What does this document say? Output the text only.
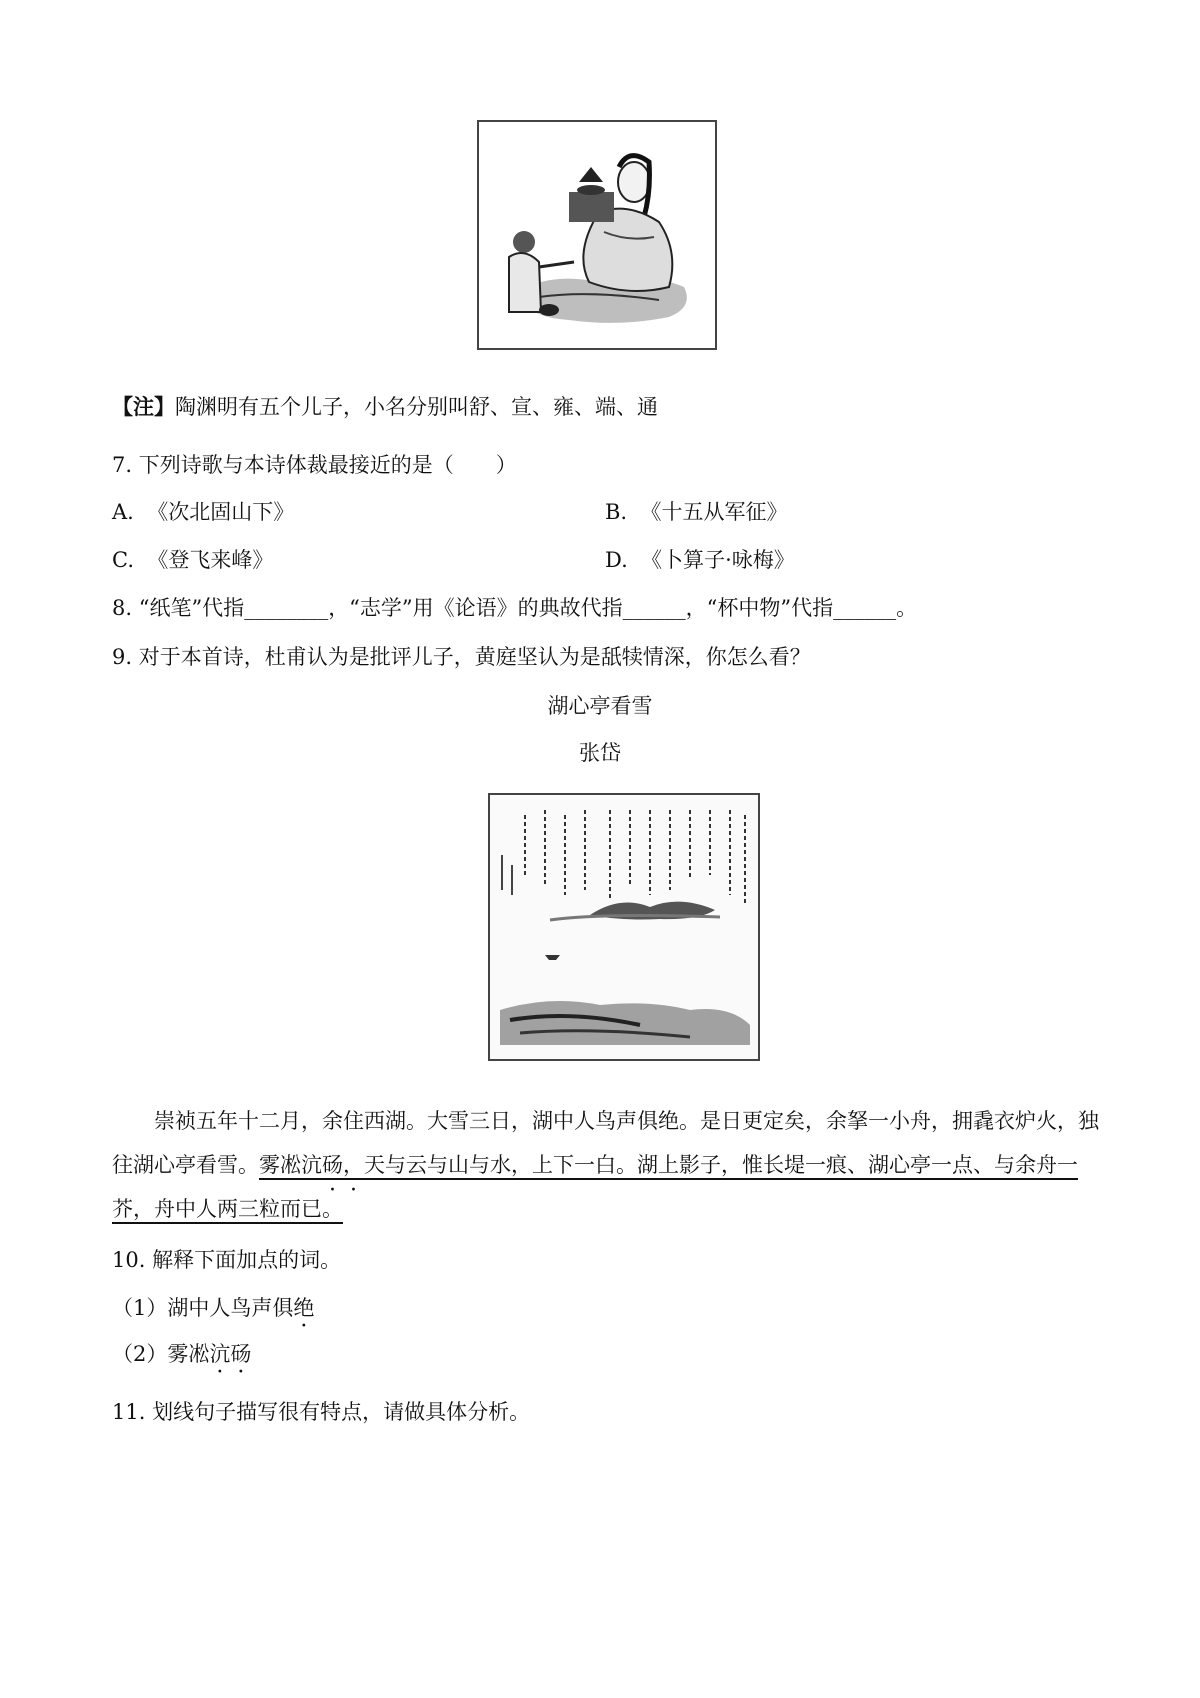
【注】陶渊明有五个儿子，小名分别叫舒、宣、雍、端、通
7. 下列诗歌与本诗体裁最接近的是（　　）
A. 《次北固山下》	B. 《十五从军征》
C. 《登飞来峰》	D. 《卜算子·咏梅》
8. “纸笔”代指________，“志学”用《论语》的典故代指______，“杯中物”代指______。
9. 对于本首诗，杜甫认为是批评儿子，黄庭坚认为是舐犊情深，你怎么看？
湖心亭看雪
张岱
崇祯五年十二月，余住西湖。大雪三日，湖中人鸟声俱绝。是日更定矣，余拏一小舟，拥毳衣炉火，独往湖心亭看雪。雾凇沆砀，天与云与山与水，上下一白。湖上影子，惟长堤一痕、湖心亭一点、与余舟一芥，舟中人两三粒而已。
10. 解释下面加点的词。
（1）湖中人鸟声俱绝
（2）雾凇沆砀
11. 划线句子描写很有特点，请做具体分析。
